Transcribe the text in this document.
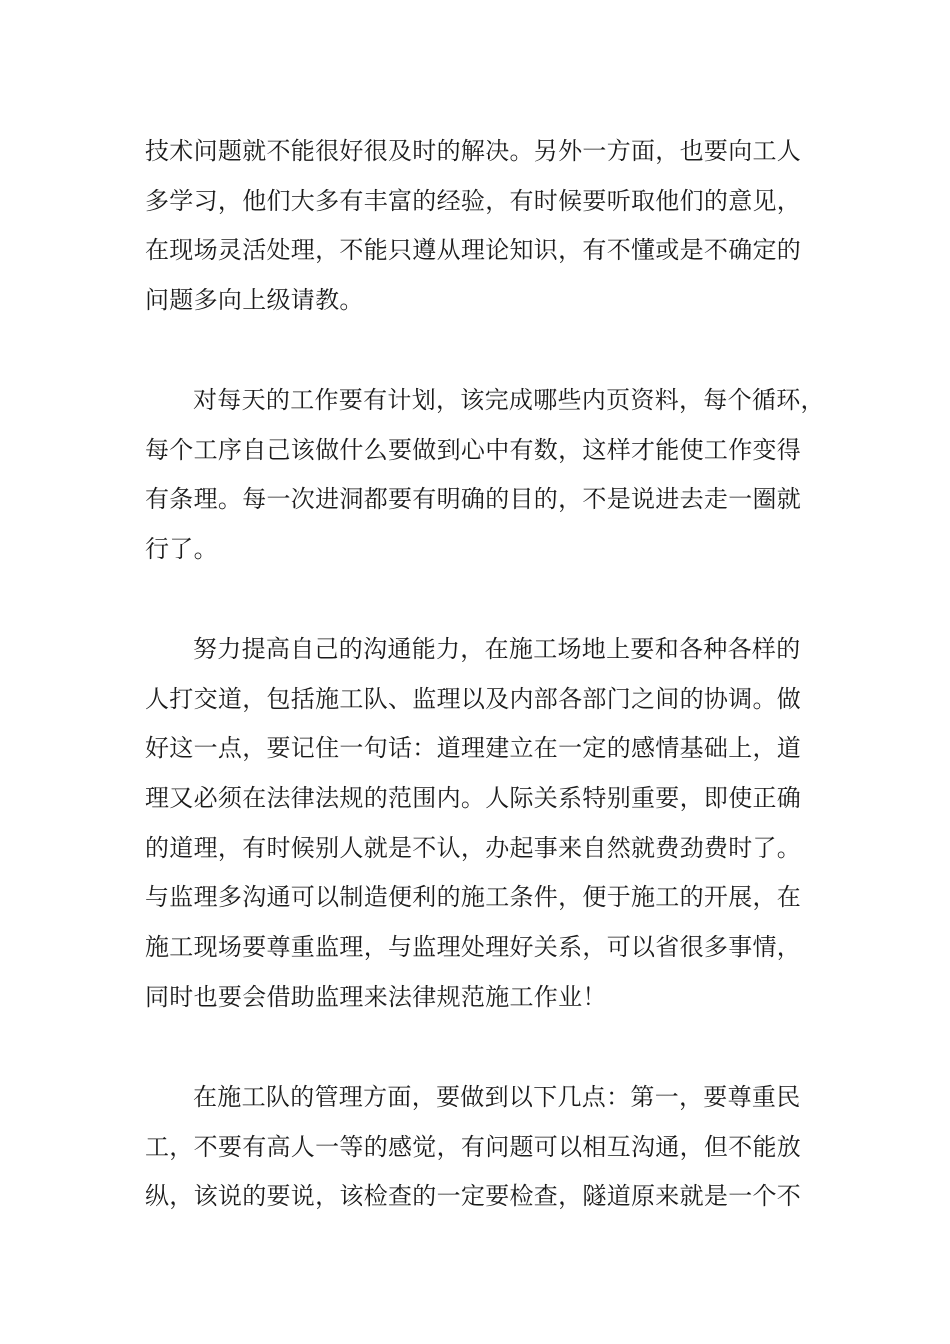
技术问题就不能很好很及时的解决。另外一方面，也要向工人
多学习，他们大多有丰富的经验，有时候要听取他们的意见，
在现场灵活处理，不能只遵从理论知识，有不懂或是不确定的
问题多向上级请教。
对每天的工作要有计划，该完成哪些内页资料，每个循环，
每个工序自己该做什么要做到心中有数，这样才能使工作变得
有条理。每一次进洞都要有明确的目的，不是说进去走一圈就
行了。
努力提高自己的沟通能力，在施工场地上要和各种各样的
人打交道，包括施工队、监理以及内部各部门之间的协调。做
好这一点，要记住一句话：道理建立在一定的感情基础上，道
理又必须在法律法规的范围内。人际关系特别重要，即使正确
的道理，有时候别人就是不认，办起事来自然就费劲费时了。
与监理多沟通可以制造便利的施工条件，便于施工的开展，在
施工现场要尊重监理，与监理处理好关系，可以省很多事情，
同时也要会借助监理来法律规范施工作业！
在施工队的管理方面，要做到以下几点：第一，要尊重民
工，不要有高人一等的感觉，有问题可以相互沟通，但不能放
纵，该说的要说，该检查的一定要检查，隧道原来就是一个不
